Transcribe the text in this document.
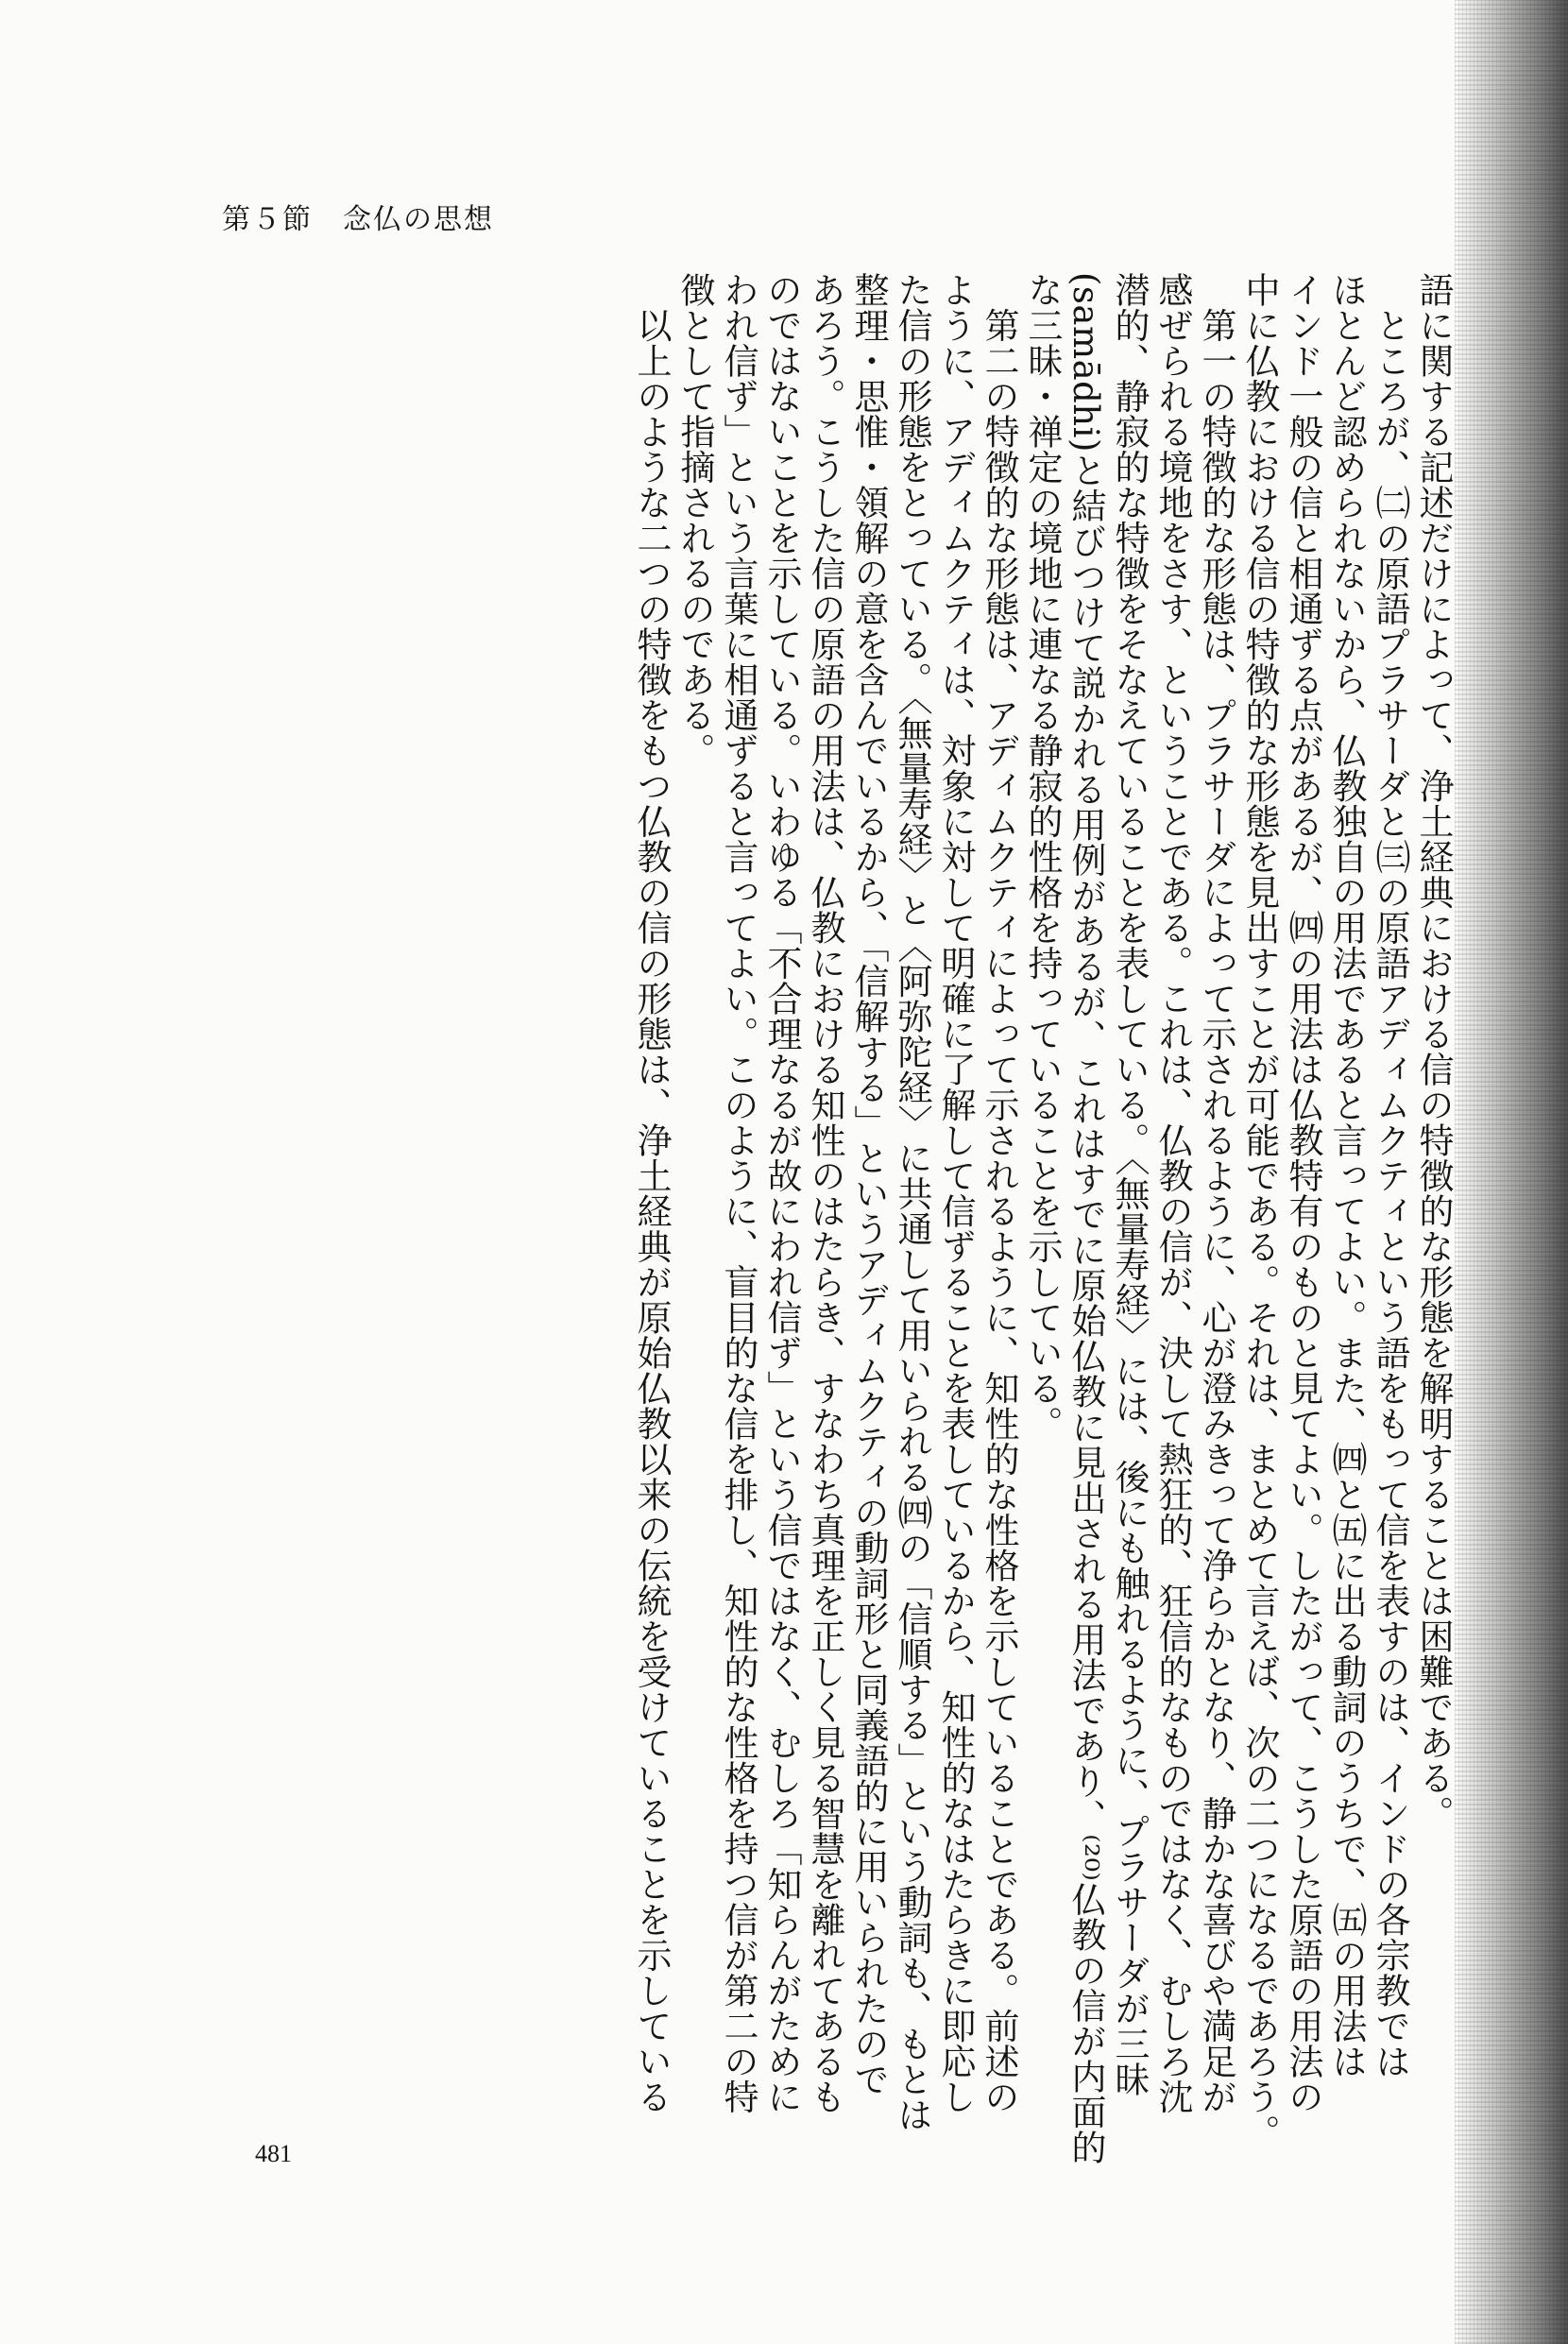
第５節　念仏の思想
語に関する記述だけによって、浄土経典における信の特徴的な形態を解明することは困難である。
　ところが、㈡の原語プラサーダと㈢の原語アディムクティという語をもって信を表すのは、インドの各宗教では
ほとんど認められないから、仏教独自の用法であると言ってよい。また、㈣と㈤に出る動詞のうちで、㈤の用法は
インド一般の信と相通ずる点があるが、㈣の用法は仏教特有のものと見てよい。したがって、こうした原語の用法の
中に仏教における信の特徴的な形態を見出すことが可能である。それは、まとめて言えば、次の二つになるであろう。
　第一の特徴的な形態は、プラサーダによって示されるように、心が澄みきって浄らかとなり、静かな喜びや満足が
感ぜられる境地をさす、ということである。これは、仏教の信が、決して熱狂的、狂信的なものではなく、むしろ沈
潜的、静寂的な特徴をそなえていることを表している。〈無量寿経〉には、後にも触れるように、プラサーダが三昧
(samādhi)と結びつけて説かれる用例があるが、これはすでに原始仏教に見出される用法であり、⁽²⁰⁾仏教の信が内面的
な三昧・禅定の境地に連なる静寂的性格を持っていることを示している。
　第二の特徴的な形態は、アディムクティによって示されるように、知性的な性格を示していることである。前述の
ように、アディムクティは、対象に対して明確に了解して信ずることを表しているから、知性的なはたらきに即応し
た信の形態をとっている。〈無量寿経〉と〈阿弥陀経〉に共通して用いられる㈣の「信順する」という動詞も、もとは
整理・思惟・領解の意を含んでいるから、「信解する」というアディムクティの動詞形と同義語的に用いられたので
あろう。こうした信の原語の用法は、仏教における知性のはたらき、すなわち真理を正しく見る智慧を離れてあるも
のではないことを示している。いわゆる「不合理なるが故にわれ信ず」という信ではなく、むしろ「知らんがために
われ信ず」という言葉に相通ずると言ってよい。このように、盲目的な信を排し、知性的な性格を持つ信が第二の特
徴として指摘されるのである。
　以上のような二つの特徴をもつ仏教の信の形態は、浄土経典が原始仏教以来の伝統を受けていることを示している
481
